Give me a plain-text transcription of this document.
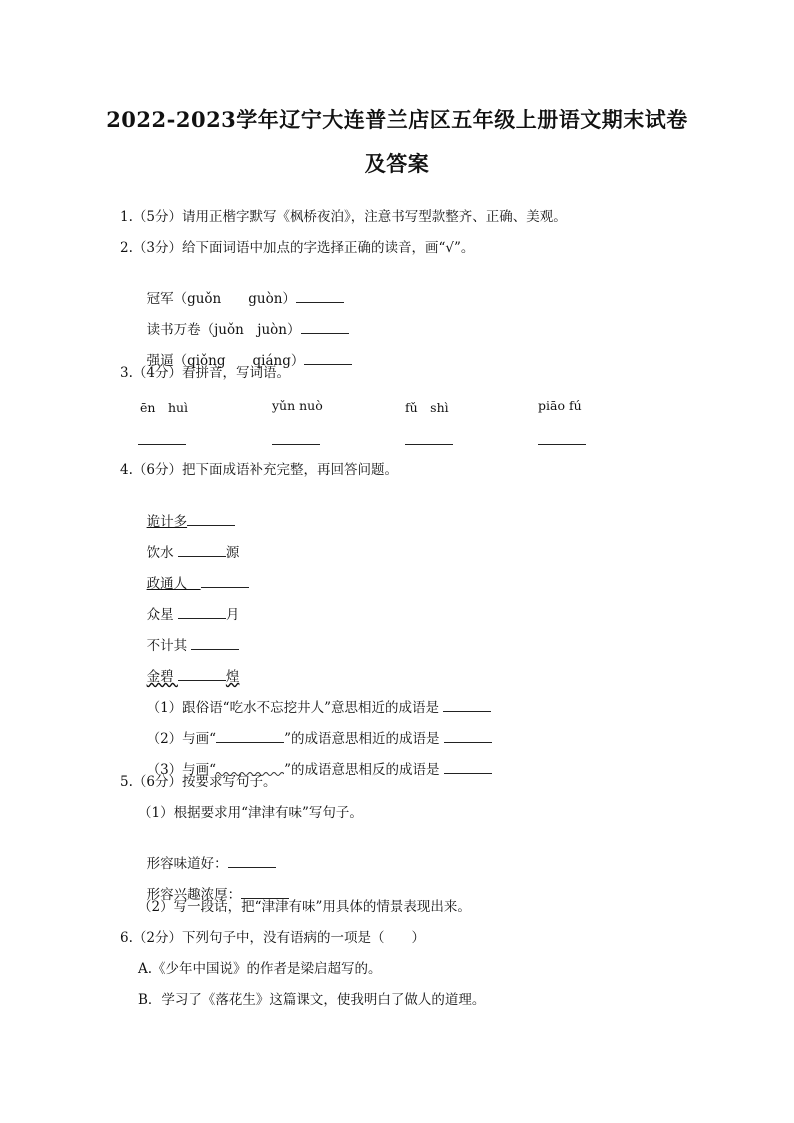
2022-2023学年辽宁大连普兰店区五年级上册语文期末试卷
及答案
1.（5分）请用正楷字默写《枫桥夜泊》，注意书写型款整齐、正确、美观。
2.（3分）给下面词语中加点的字选择正确的读音，画“√”。

冠军（guǒn　　guòn）

读书万卷（juǒn　juòn）

强逼（qiǒng　　qiáng）

3.（4分）看拼音，写词语。
ēn　huì	yǔn nuò	fǔ　shì	piāo fú
4.（6分）把下面成语补充完整，再回答问题。

诡计多

饮水	源

政通人　

众星	月

不计其

金碧	煌

（1）跟俗语“吃水不忘挖井人”意思相近的成语是

（2）与画“	”的成语意思相近的成语是

（3）与画“	”的成语意思相反的成语是

5.（6分）按要求写句子。
（1）根据要求用“津津有味”写句子。

形容味道好：

形容兴趣浓厚：

（2）写一段话，把“津津有味”用具体的情景表现出来。
6.（2分）下列句子中，没有语病的一项是（　　）
A.《少年中国说》的作者是梁启超写的。
B．学习了《落花生》这篇课文，使我明白了做人的道理。
